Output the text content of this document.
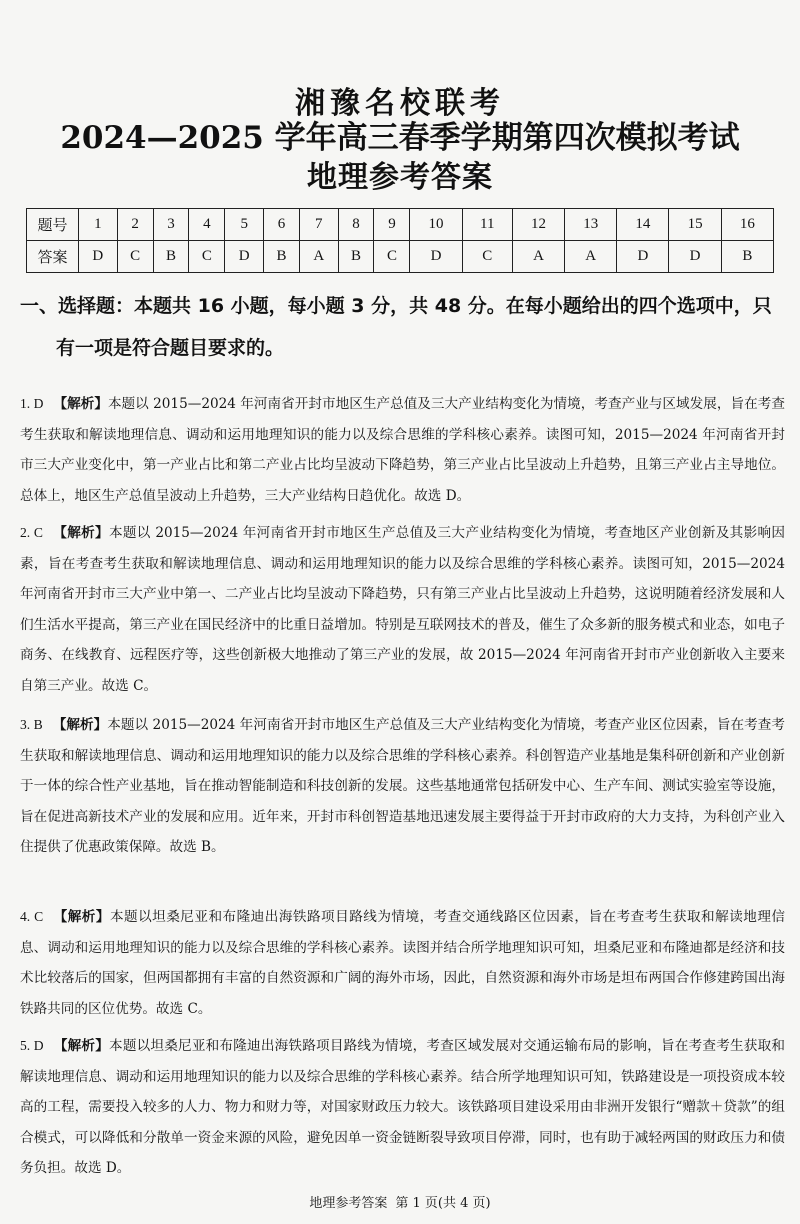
湘豫名校联考
2024—2025 学年高三春季学期第四次模拟考试
地理参考答案
题号	1	2	3	4	5	6	7	8	9	10	11	12	13	14	15	16
答案	D	C	B	C	D	B	A	B	C	D	C	A	A	D	D	B
一、选择题：本题共 16 小题，每小题 3 分，共 48 分。在每小题给出的四个选项中，只
有一项是符合题目要求的。
1. D 【解析】本题以 2015—2024 年河南省开封市地区生产总值及三大产业结构变化为情境，考查产业与区域发展，旨在考查考生获取和解读地理信息、调动和运用地理知识的能力以及综合思维的学科核心素养。读图可知，2015—2024 年河南省开封市三大产业变化中，第一产业占比和第二产业占比均呈波动下降趋势，第三产业占比呈波动上升趋势，且第三产业占主导地位。总体上，地区生产总值呈波动上升趋势，三大产业结构日趋优化。故选 D。
2. C 【解析】本题以 2015—2024 年河南省开封市地区生产总值及三大产业结构变化为情境，考查地区产业创新及其影响因素，旨在考查考生获取和解读地理信息、调动和运用地理知识的能力以及综合思维的学科核心素养。读图可知，2015—2024 年河南省开封市三大产业中第一、二产业占比均呈波动下降趋势，只有第三产业占比呈波动上升趋势，这说明随着经济发展和人们生活水平提高，第三产业在国民经济中的比重日益增加。特别是互联网技术的普及，催生了众多新的服务模式和业态，如电子商务、在线教育、远程医疗等，这些创新极大地推动了第三产业的发展，故 2015—2024 年河南省开封市产业创新收入主要来自第三产业。故选 C。
3. B 【解析】本题以 2015—2024 年河南省开封市地区生产总值及三大产业结构变化为情境，考查产业区位因素，旨在考查考生获取和解读地理信息、调动和运用地理知识的能力以及综合思维的学科核心素养。科创智造产业基地是集科研创新和产业创新于一体的综合性产业基地，旨在推动智能制造和科技创新的发展。这些基地通常包括研发中心、生产车间、测试实验室等设施，旨在促进高新技术产业的发展和应用。近年来，开封市科创智造基地迅速发展主要得益于开封市政府的大力支持，为科创产业入住提供了优惠政策保障。故选 B。
4. C 【解析】本题以坦桑尼亚和布隆迪出海铁路项目路线为情境，考查交通线路区位因素，旨在考查考生获取和解读地理信息、调动和运用地理知识的能力以及综合思维的学科核心素养。读图并结合所学地理知识可知，坦桑尼亚和布隆迪都是经济和技术比较落后的国家，但两国都拥有丰富的自然资源和广阔的海外市场，因此，自然资源和海外市场是坦布两国合作修建跨国出海铁路共同的区位优势。故选 C。
5. D 【解析】本题以坦桑尼亚和布隆迪出海铁路项目路线为情境，考查区域发展对交通运输布局的影响，旨在考查考生获取和解读地理信息、调动和运用地理知识的能力以及综合思维的学科核心素养。结合所学地理知识可知，铁路建设是一项投资成本较高的工程，需要投入较多的人力、物力和财力等，对国家财政压力较大。该铁路项目建设采用由非洲开发银行“赠款＋贷款”的组合模式，可以降低和分散单一资金来源的风险，避免因单一资金链断裂导致项目停滞，同时，也有助于减轻两国的财政压力和债务负担。故选 D。
地理参考答案 第 1 页(共 4 页)
